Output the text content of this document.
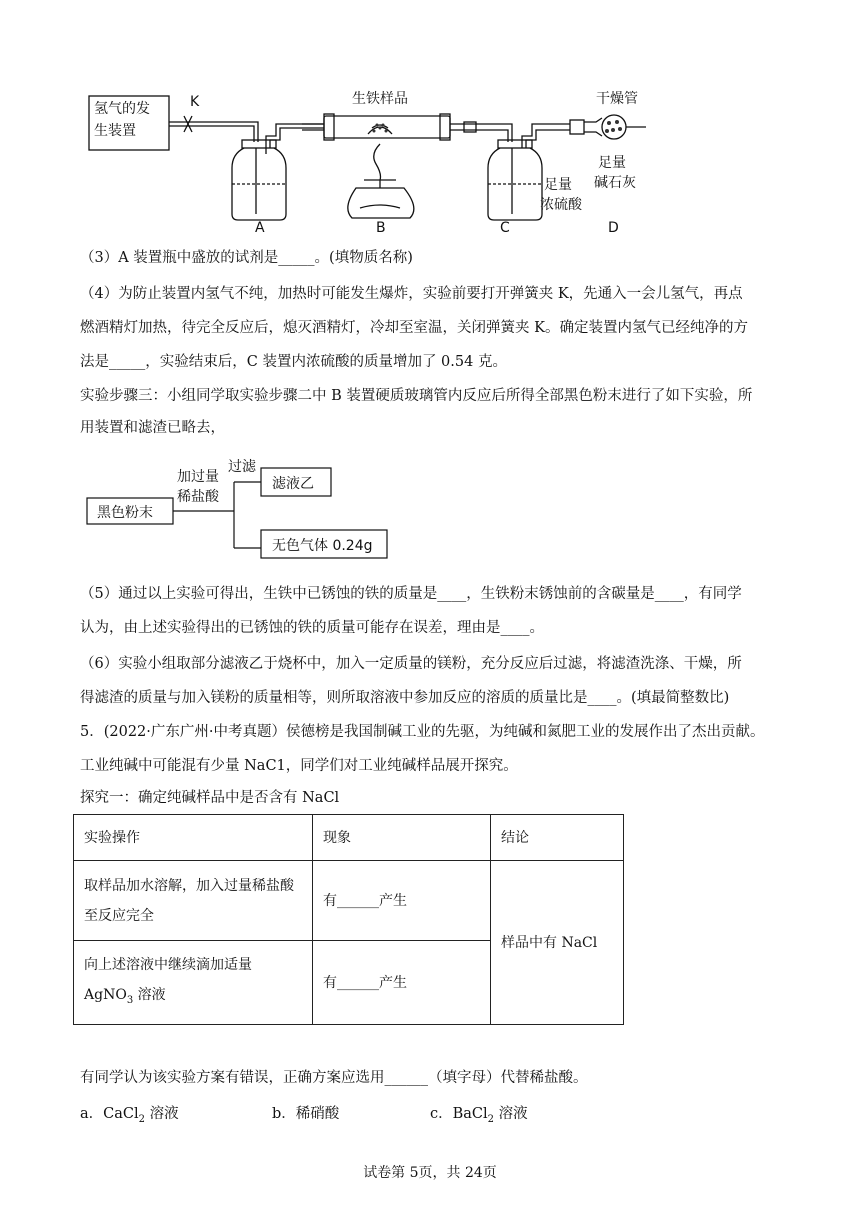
氢气的发
生装置
K	生铁样品	干燥管
足量
浓硫酸
足量
碱石灰
A	B	C	D
（3）A 装置瓶中盛放的试剂是_____。(填物质名称)
（4）为防止装置内氢气不纯，加热时可能发生爆炸，实验前要打开弹簧夹 K，先通入一会儿氢气，再点
燃酒精灯加热，待完全反应后，熄灭酒精灯，冷却至室温，关闭弹簧夹 K。确定装置内氢气已经纯净的方
法是_____，实验结束后，C 装置内浓硫酸的质量增加了 0.54 克。
实验步骤三：小组同学取实验步骤二中 B 装置硬质玻璃管内反应后所得全部黑色粉末进行了如下实验，所
用装置和滤渣已略去，
黑色粉末
加过量
稀盐酸
过滤
滤液乙
无色气体 0.24g
（5）通过以上实验可得出，生铁中已锈蚀的铁的质量是____，生铁粉末锈蚀前的含碳量是____，有同学
认为，由上述实验得出的已锈蚀的铁的质量可能存在误差，理由是____。
（6）实验小组取部分滤液乙于烧杯中，加入一定质量的镁粉，充分反应后过滤，将滤渣洗涤、干燥，所
得滤渣的质量与加入镁粉的质量相等，则所取溶液中参加反应的溶质的质量比是____。(填最简整数比)
5．(2022·广东广州·中考真题）侯德榜是我国制碱工业的先驱，为纯碱和氮肥工业的发展作出了杰出贡献。
工业纯碱中可能混有少量 NaC1，同学们对工业纯碱样品展开探究。
探究一：确定纯碱样品中是否含有 NaCl
实验操作	现象	结论

取样品加水溶解，加入过量稀盐酸
至反应完全	有______产生	样品中有 NaCl

向上述溶液中继续滴加适量
AgNO$_3$ 溶液	有______产生	
有同学认为该实验方案有错误，正确方案应选用______（填字母）代替稀盐酸。
a．CaCl$_2$ 溶液	b．稀硝酸	c．BaCl$_2$ 溶液
试卷第 5页，共 24页
